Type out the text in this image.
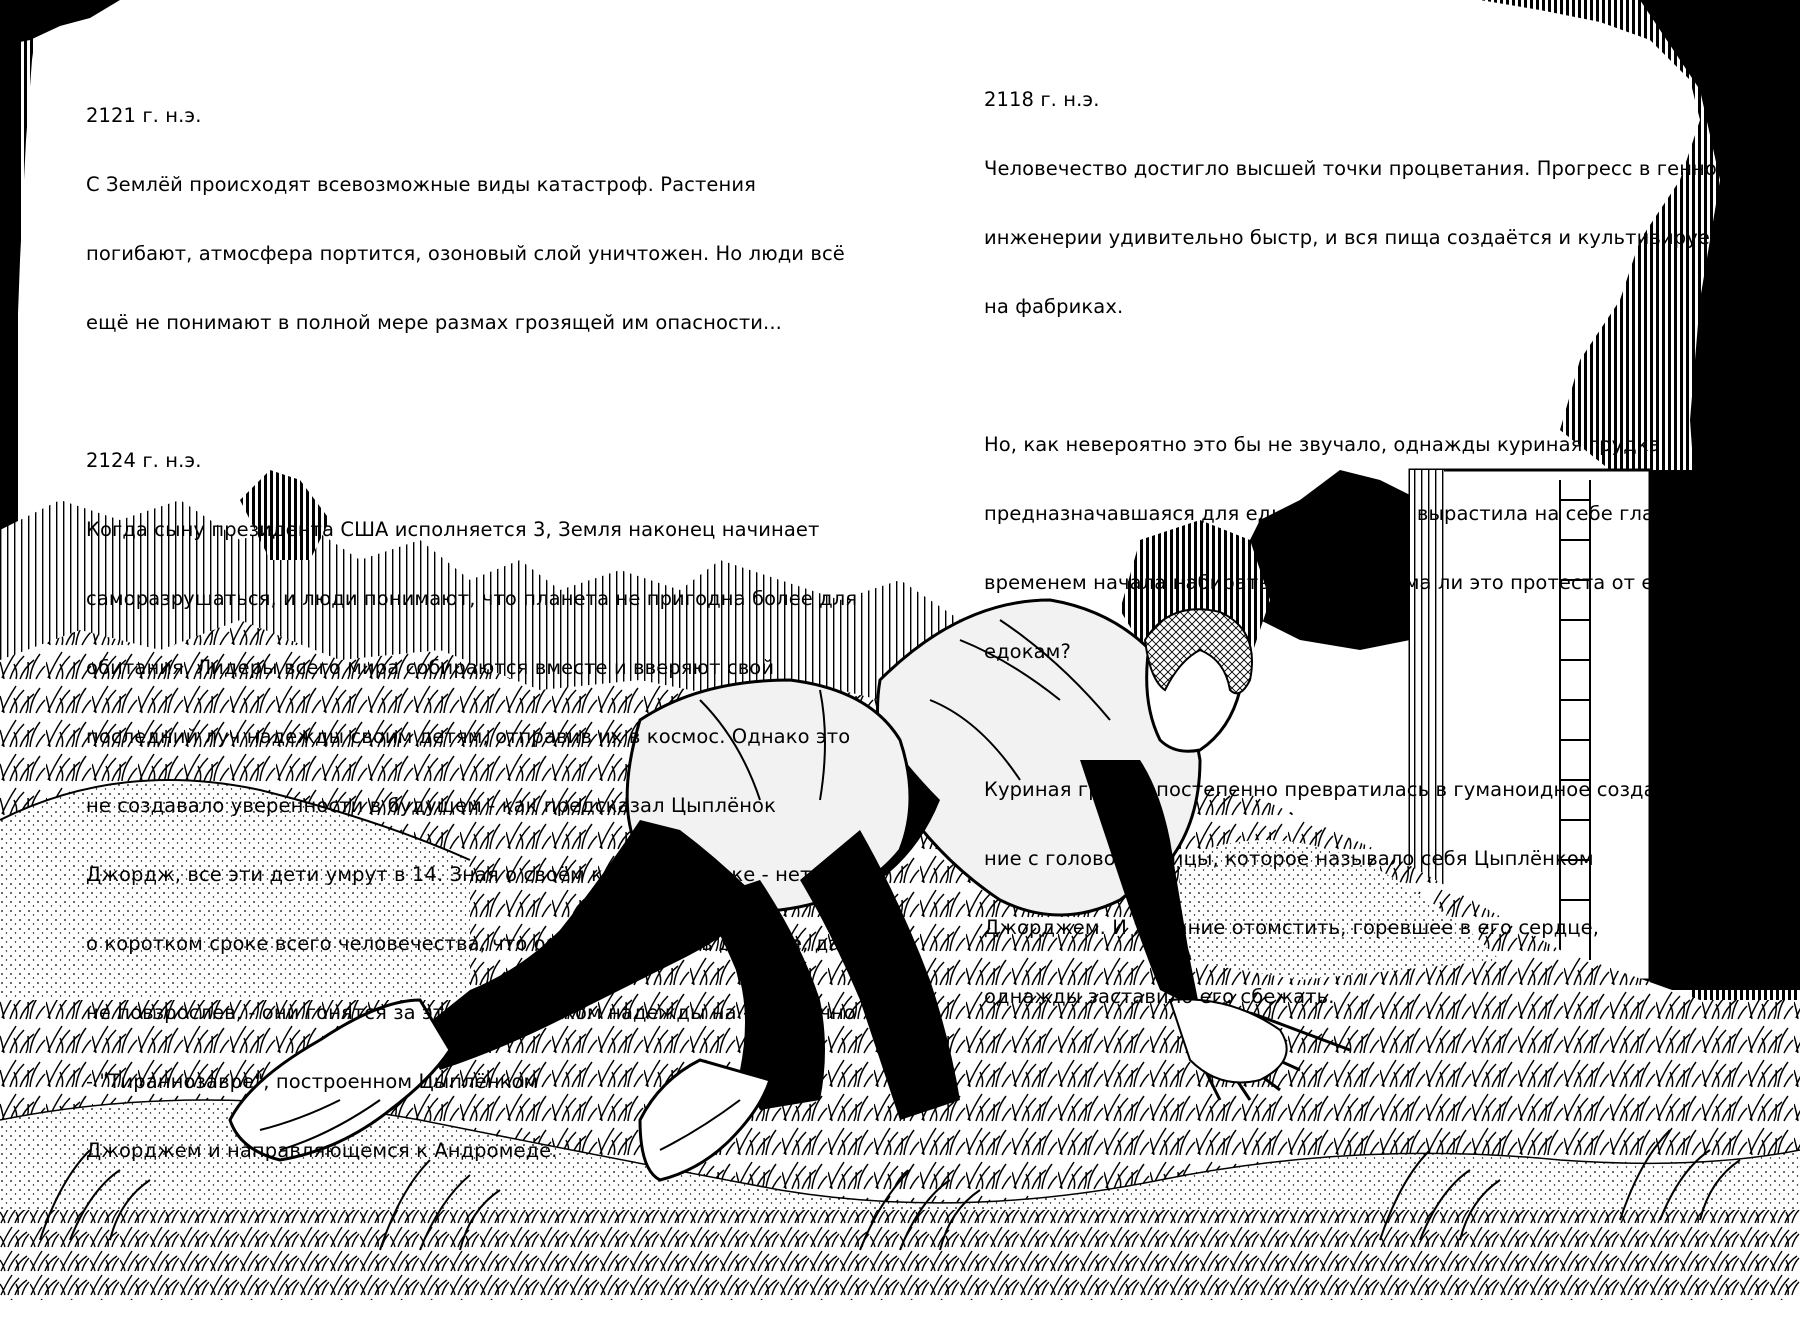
2121 г. н.э.

С Землёй происходят всевозможные виды катастроф. Растения

погибают, атмосфера портится, озоновый слой уничтожен. Но люди всё

ещё не понимают в полной мере размах грозящей им опасности...

2124 г. н.э.

Когда сыну президента США исполняется 3, Земля наконец начинает

саморазрушаться, и люди понимают, что планета не пригодна более для

обитания. Лидеры всего мира собираются вместе и вверяют свой

последний луч надежды своим детям, отправив их в космос. Однако это

не создавало уверенности в будущем - как предсказал Цыплёнок

Джордж, все эти дети умрут в 14. Зная о своём коротком сроке - нет, зная

о коротком сроке всего человечества, что оно умрёт в 14, в детстве, даже

не повзрослев, - они гонятся за этим проблеском надежды на - иронично

- "Тираннозавре", построенном Цыплёнком

Джорджем и направляющемся к Андромеде.

2118 г. н.э.

Человечество достигло высшей точки процветания. Прогресс в генной

инженерии удивительно быстр, и вся пища создаётся и культивируется

на фабриках.

Но, как невероятно это бы не звучало, однажды куриная грудка,

предназначавшаяся для еды и не более, вырастила на себе глаз, а со

временем начала набирать знания! Форма ли это протеста от еды к

едокам?

Куриная грудка постепенно превратилась в гуманоидное созда-

ние с головой курицы, которое называло себя Цыплёнком

Джорджем. И желание отомстить, горевшее в его сердце,

однажды заставило его сбежать.
